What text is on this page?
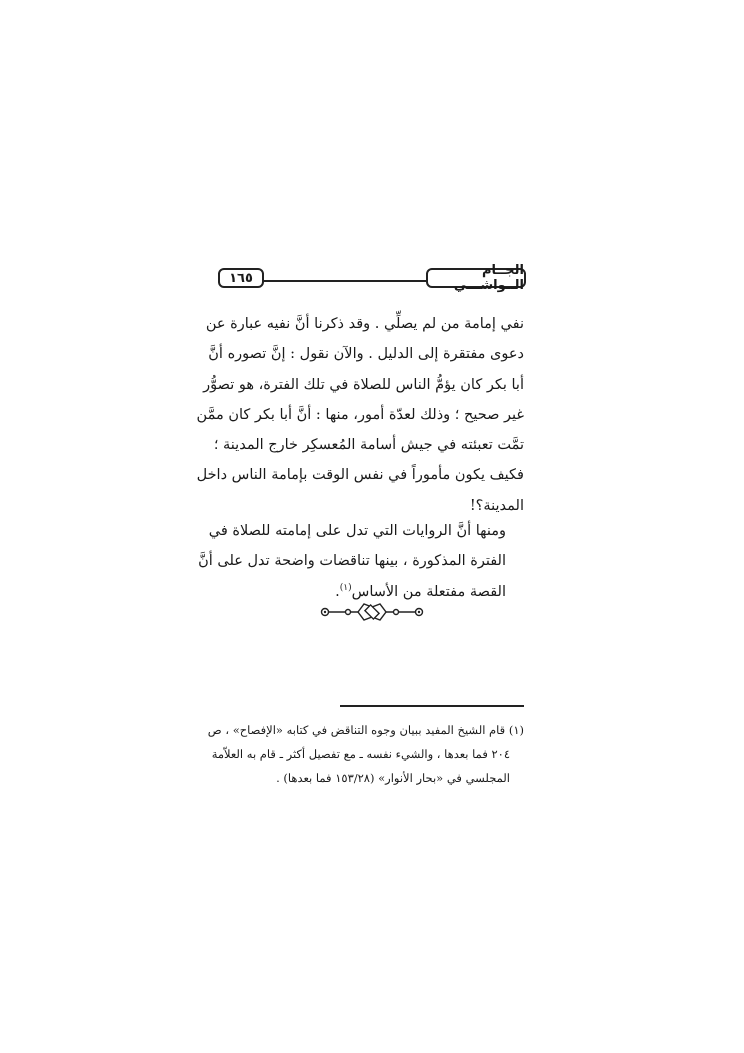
١٦٥	الجــام الــواشـــي
نفي إمامة من لم يصلِّي . وقد ذكرنا أنَّ نفيه عبارة عن
دعوى مفتقرة إلى الدليل . والآن نقول : إنَّ تصوره أنَّ
أبا بكر كان يؤمُّ الناس للصلاة في تلك الفترة، هو تصوُّر
غير صحيح ؛ وذلك لعدّة أمور، منها : أنَّ أبا بكر كان ممَّن
تمَّت تعبئته في جيش أسامة المُعسكِر خارج المدينة ؛
فكيف يكون مأموراً في نفس الوقت بإمامة الناس داخل
المدينة؟!
ومنها أنَّ الروايات التي تدل على إمامته للصلاة في
الفترة المذكورة ، بينها تناقضات واضحة تدل على أنَّ
القصة مفتعلة من الأساس$^{(١)}$.
(١) قام الشيخ المفيد ببيان وجوه التناقض في كتابه «الإفصاح» ، ص
٢٠٤ فما بعدها ، والشيء نفسه ـ مع تفصيل أكثر ـ قام به العلاّمة
المجلسي في «بحار الأنوار» (١٥٣/٢٨ فما بعدها) .
